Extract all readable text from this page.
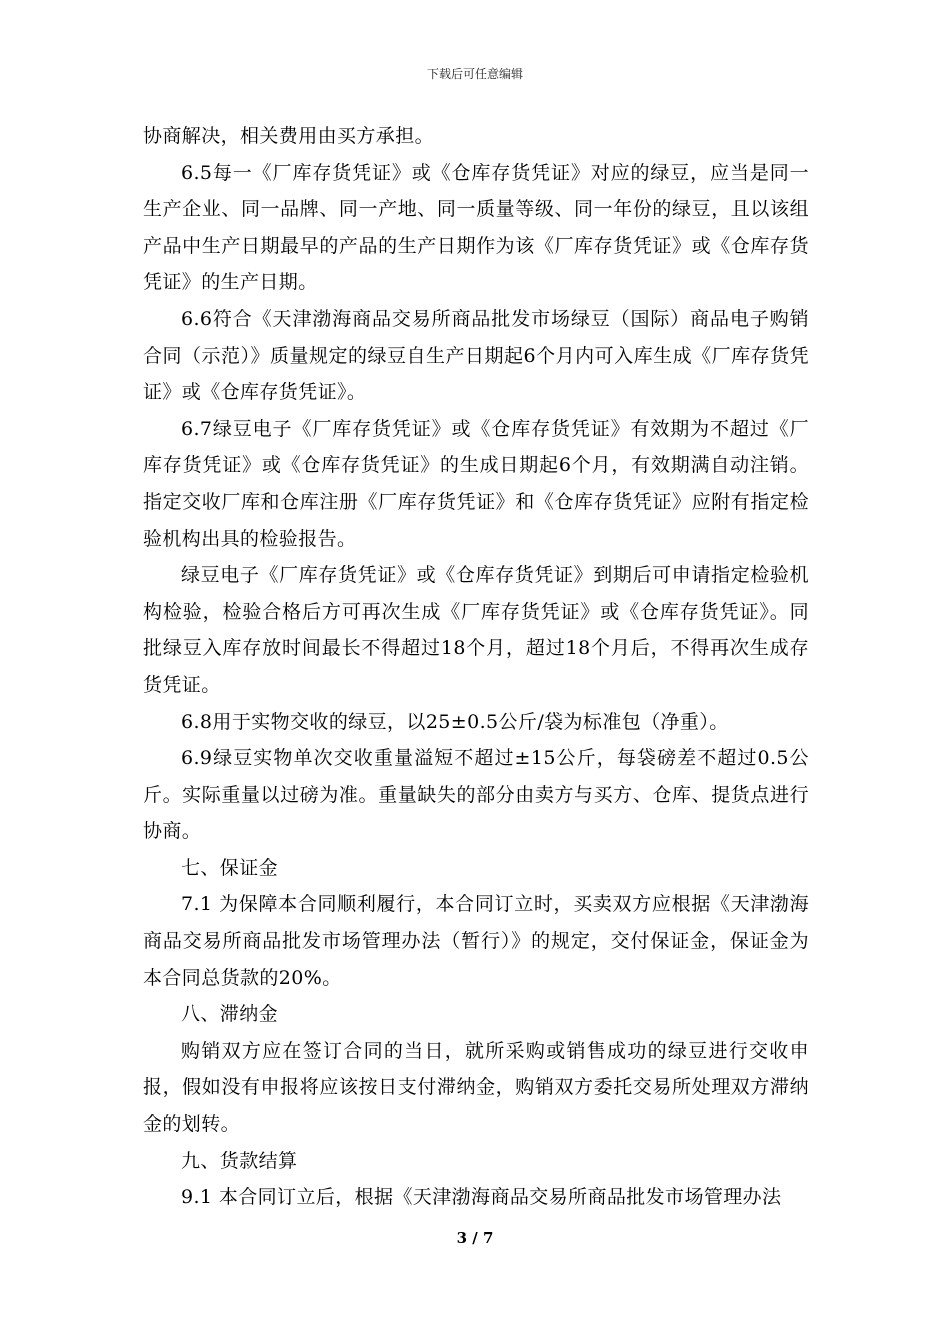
下载后可任意编辑

协商解决，相关费用由买方承担。

6.5每一《厂库存货凭证》或《仓库存货凭证》对应的绿豆，应当是同一生产企业、同一品牌、同一产地、同一质量等级、同一年份的绿豆，且以该组产品中生产日期最早的产品的生产日期作为该《厂库存货凭证》或《仓库存货凭证》的生产日期。

6.6符合《天津渤海商品交易所商品批发市场绿豆（国际）商品电子购销合同（示范）》质量规定的绿豆自生产日期起6个月内可入库生成《厂库存货凭证》或《仓库存货凭证》。

6.7绿豆电子《厂库存货凭证》或《仓库存货凭证》有效期为不超过《厂库存货凭证》或《仓库存货凭证》的生成日期起6个月，有效期满自动注销。指定交收厂库和仓库注册《厂库存货凭证》和《仓库存货凭证》应附有指定检验机构出具的检验报告。

绿豆电子《厂库存货凭证》或《仓库存货凭证》到期后可申请指定检验机构检验，检验合格后方可再次生成《厂库存货凭证》或《仓库存货凭证》。同批绿豆入库存放时间最长不得超过18个月，超过18个月后，不得再次生成存货凭证。

6.8用于实物交收的绿豆，以25±0.5公斤/袋为标准包（净重）。

6.9绿豆实物单次交收重量溢短不超过±15公斤，每袋磅差不超过0.5公斤。实际重量以过磅为准。重量缺失的部分由卖方与买方、仓库、提货点进行协商。

七、保证金

7.1 为保障本合同顺利履行，本合同订立时，买卖双方应根据《天津渤海商品交易所商品批发市场管理办法（暂行）》的规定，交付保证金，保证金为本合同总货款的20%。

八、滞纳金

购销双方应在签订合同的当日，就所采购或销售成功的绿豆进行交收申报，假如没有申报将应该按日支付滞纳金，购销双方委托交易所处理双方滞纳金的划转。

九、货款结算

9.1 本合同订立后，根据《天津渤海商品交易所商品批发市场管理办法

3 / 7
